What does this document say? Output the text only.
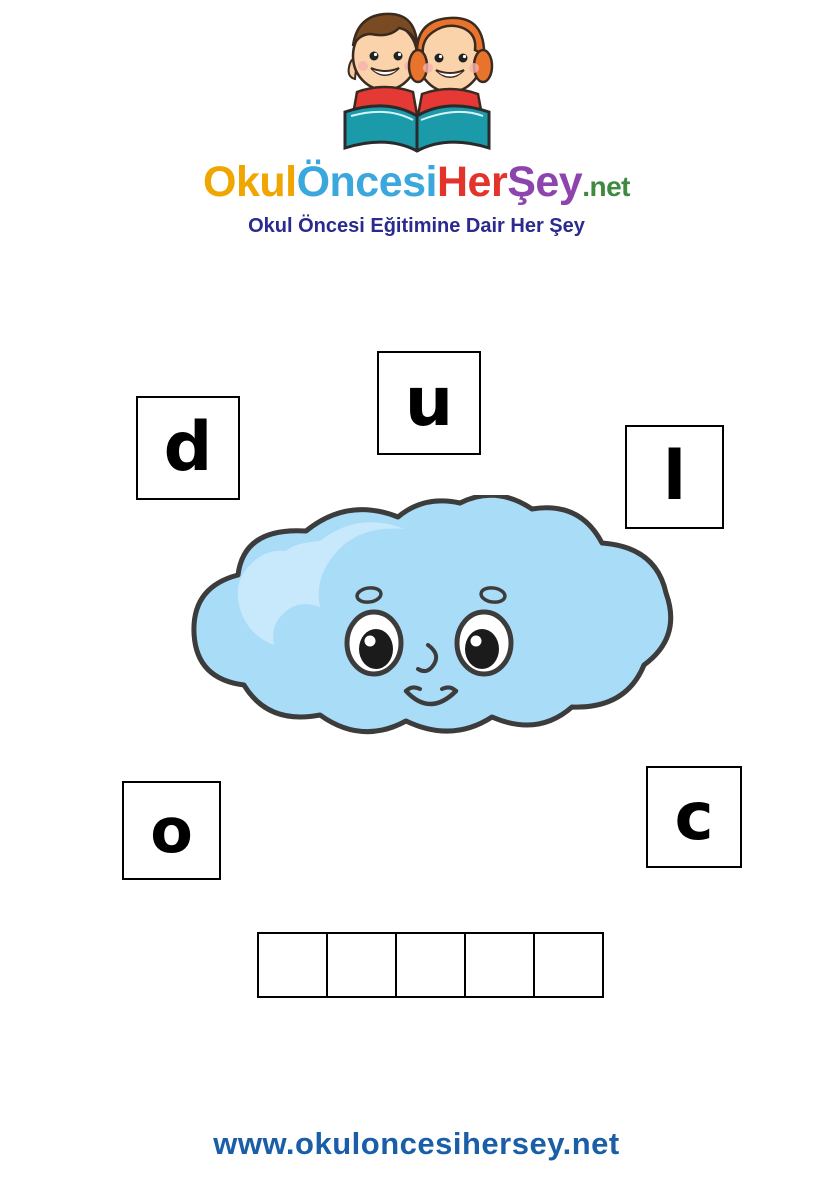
OkulÖncesiHerŞey.net
Okul Öncesi Eğitimine Dair Her Şey
d
u
l
o	c
www.okuloncesihersey.net
